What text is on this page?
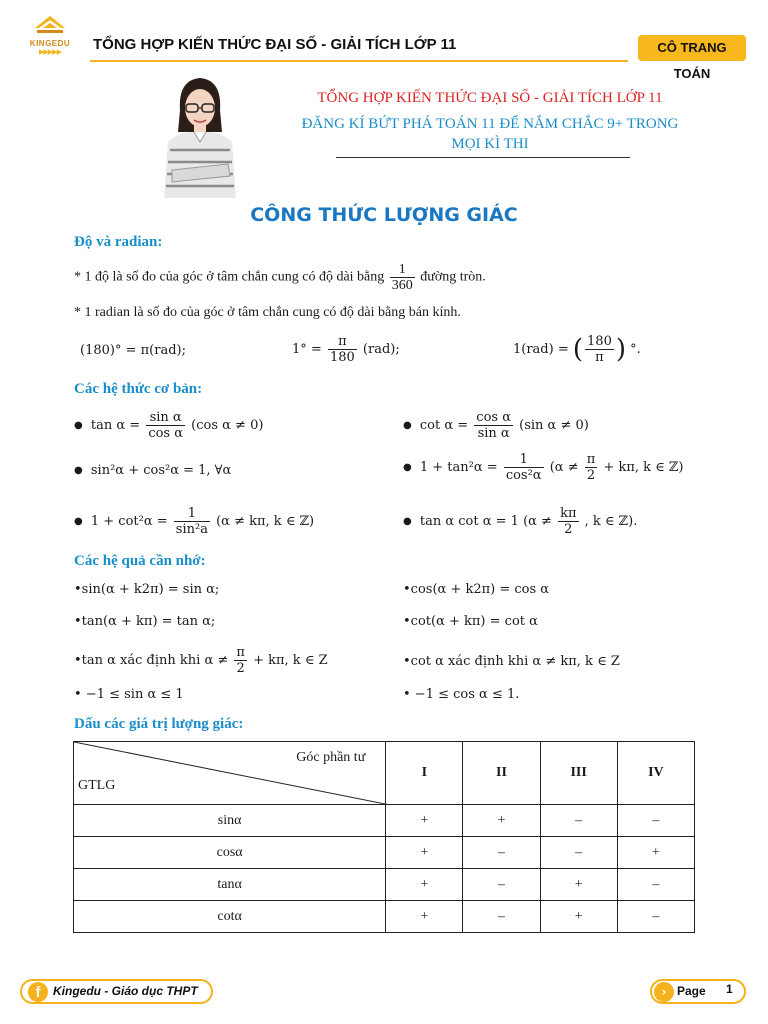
KINGEDU
▶▶▶▶▶	TỔNG HỢP KIẾN THỨC ĐẠI SỐ - GIẢI TÍCH LỚP 11	CÔ TRANG TOÁN
TỔNG HỢP KIẾN THỨC ĐẠI SỐ - GIẢI TÍCH LỚP 11
ĐĂNG KÍ BỨT PHÁ TOÁN 11 ĐỂ NẮM CHẮC 9+ TRONG
MỌI KÌ THI
CÔNG THỨC LƯỢNG GIÁC
Độ và radian:
* 1 độ là số đo của góc ở tâm chắn cung có độ dài bằng $\frac{1}{360}$ đường tròn.
* 1 radian là số đo của góc ở tâm chắn cung có độ dài bằng bán kính.
(180)° = π(rad);	$1^\circ = \frac{\pi}{180} (rad)$;	1(rad) = ( $\frac{180}{\pi}$ ) °.
Các hệ thức cơ bản:
● $\tan \alpha = \frac{\text{sin α}}{\text{cos α}} (\cos$ α ≠ 0)	● $\cot \alpha = \frac{\text{cos α}}{\text{sin α}} (\sin$ α ≠ 0)
● sin²α + cos²α = 1, ∀α	● $1 + \tan^2\alpha = \frac{1}{\text{cos²α}} (\alpha \ne \frac{\pi}{2} + k\pi$, k ∈ ℤ)
● $1 + \cot^2\alpha = \frac{1}{\text{sin²a}} (\alpha \ne k\pi$, k ∈ ℤ)	● tan α cot α = 1 ($\alpha \ne \frac{k\pi}{2}$ , k ∈ ℤ).
Các hệ quả cần nhớ:
•sin(α + k2π) = sin α;	•cos(α + k2π) = cos α
•tan(α + kπ) = tan α;	•cot(α + kπ) = cot α
•tan α xác định khi $\alpha \ne \frac{\pi}{2} + k\pi$, k ∈ Z	•cot α xác định khi α ≠ kπ, k ∈ Z
• −1 ≤ sin α ≤ 1	• −1 ≤ cos α ≤ 1.
Dấu các giá trị lượng giác:
Góc phần tư
GTLG	I	II	III	IV
sinα	+	+	–	–
cosα	+	–	–	+
tanα	+	–	+	–
cotα	+	–	+	–
f	Kingedu - Giáo dục THPT	› Page 1
